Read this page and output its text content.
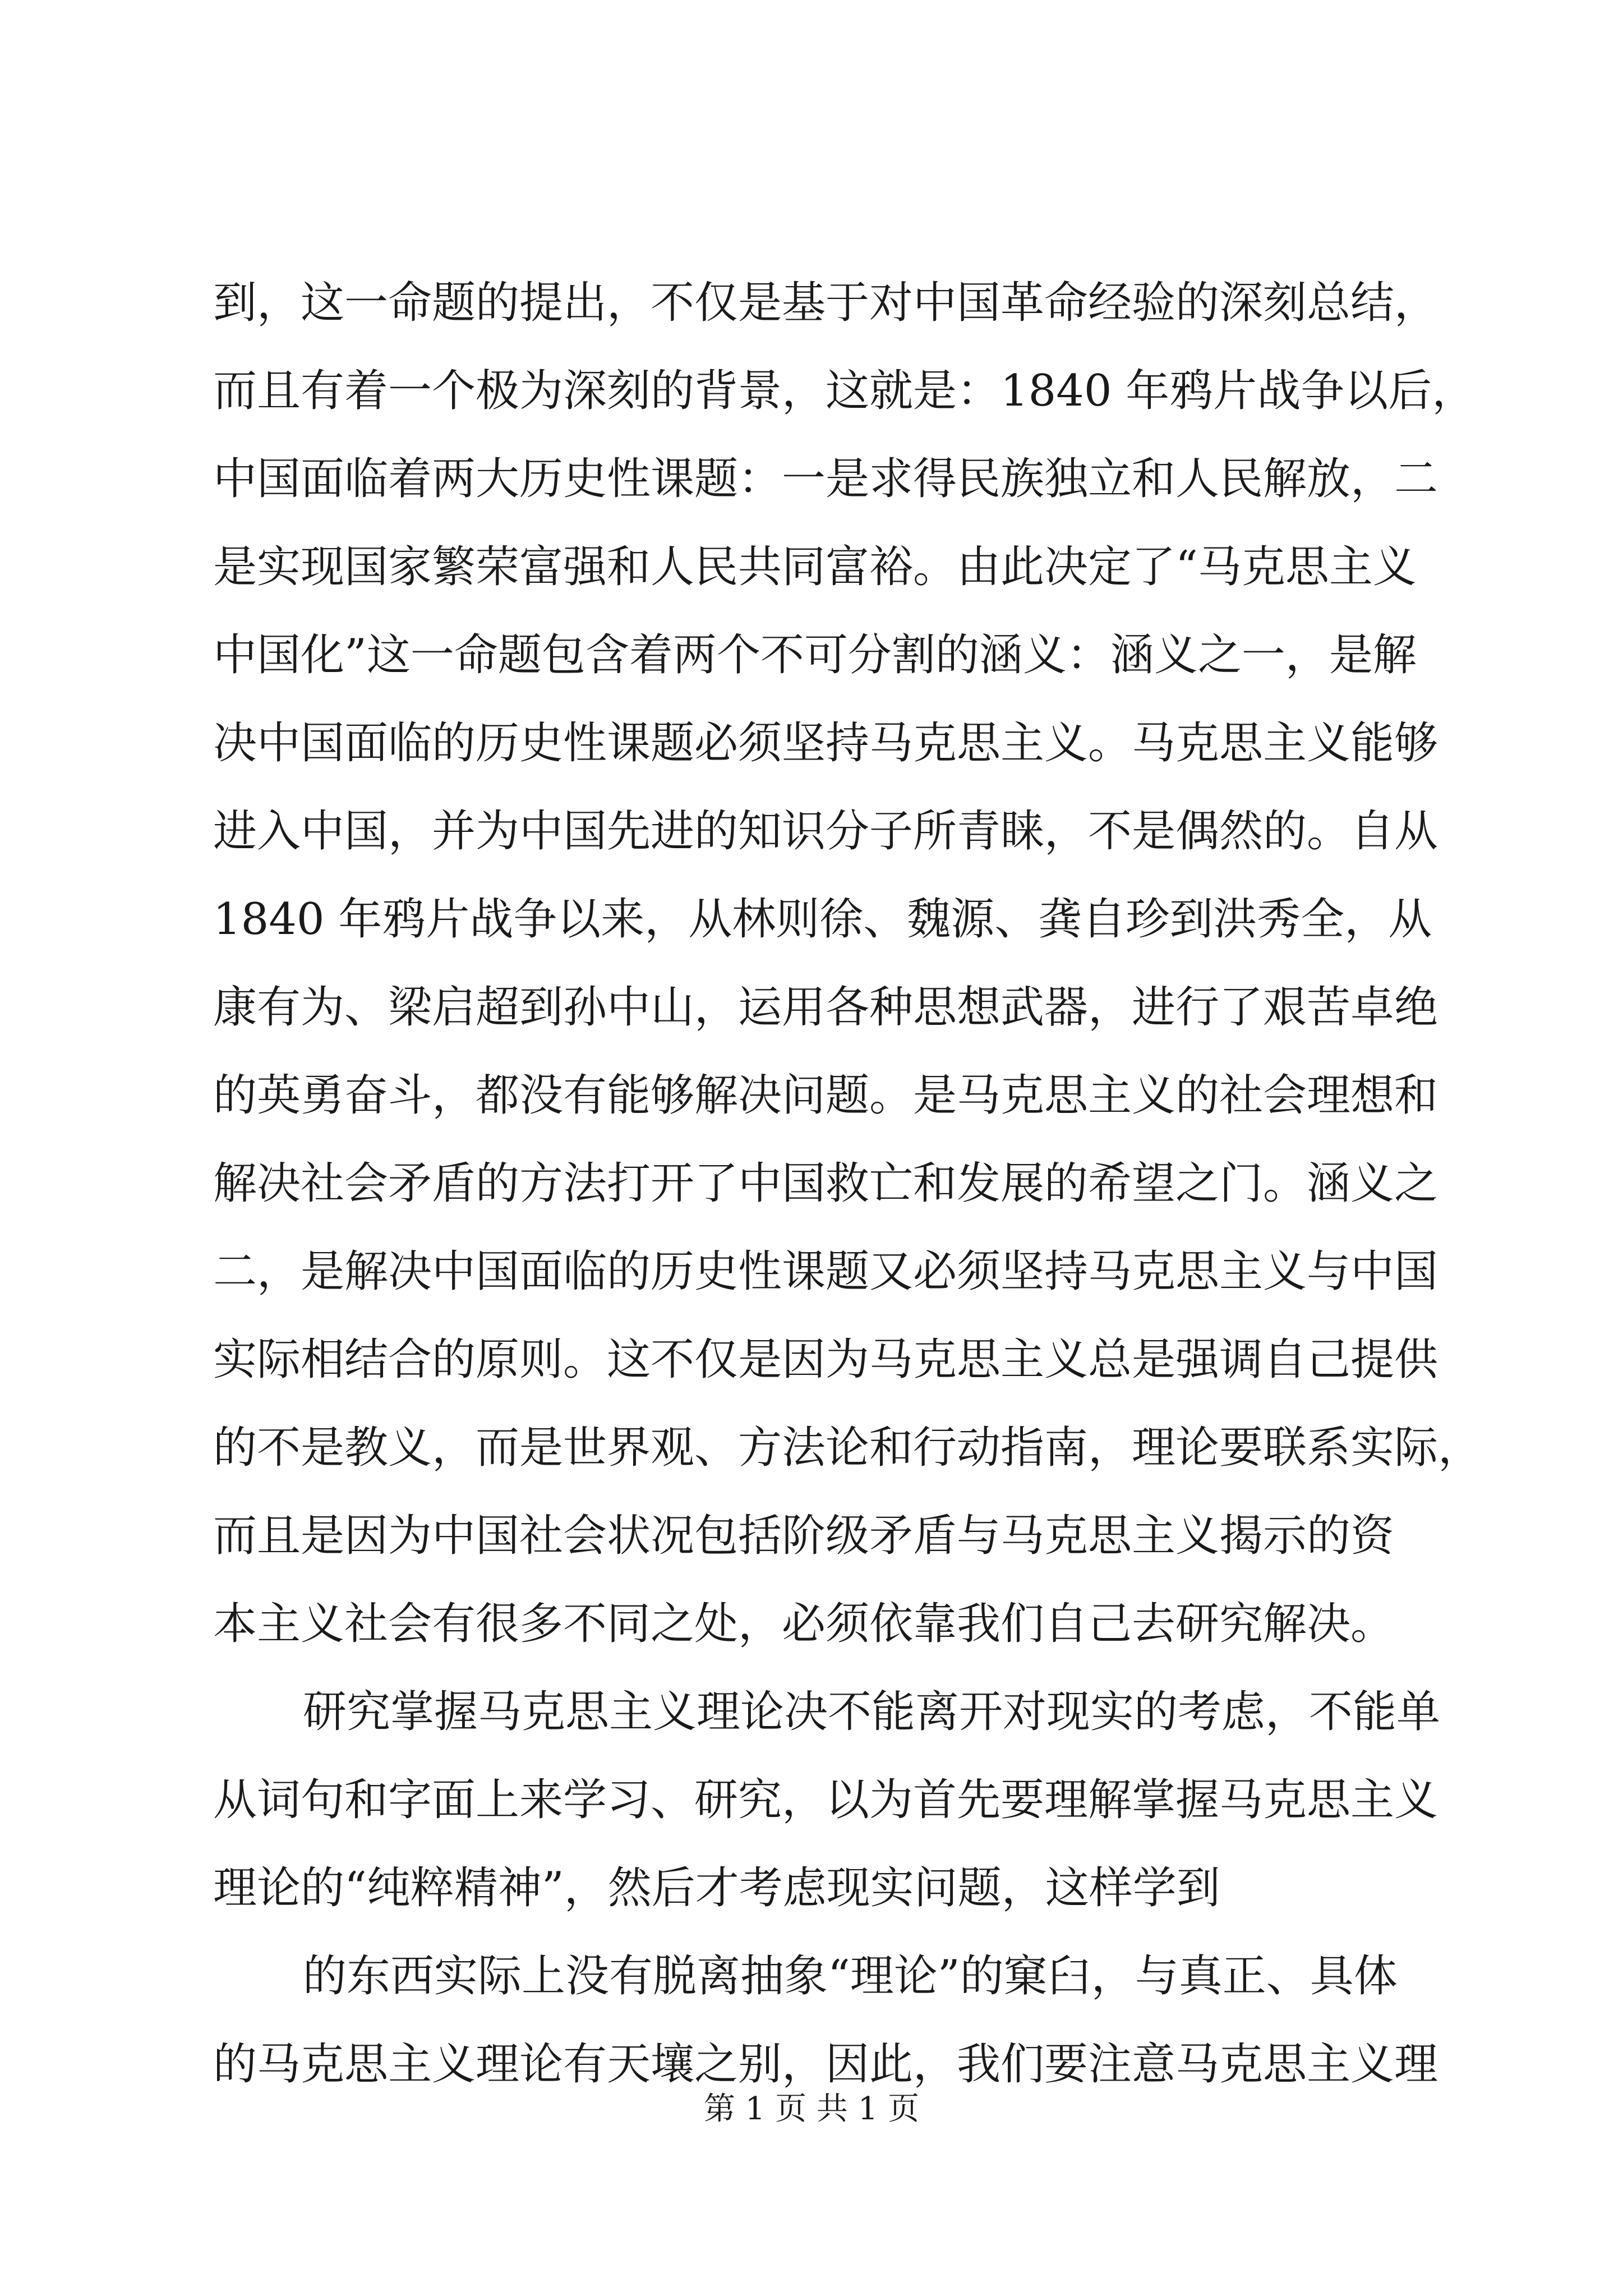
到，这一命题的提出，不仅是基于对中国革命经验的深刻总结，
而且有着一个极为深刻的背景，这就是：1840 年鸦片战争以后，
中国面临着两大历史性课题：一是求得民族独立和人民解放，二
是实现国家繁荣富强和人民共同富裕。由此决定了“马克思主义
中国化”这一命题包含着两个不可分割的涵义：涵义之一，是解
决中国面临的历史性课题必须坚持马克思主义。马克思主义能够
进入中国，并为中国先进的知识分子所青睐，不是偶然的。自从
1840 年鸦片战争以来，从林则徐、魏源、龚自珍到洪秀全，从
康有为、梁启超到孙中山，运用各种思想武器，进行了艰苦卓绝
的英勇奋斗，都没有能够解决问题。是马克思主义的社会理想和
解决社会矛盾的方法打开了中国救亡和发展的希望之门。涵义之
二，是解决中国面临的历史性课题又必须坚持马克思主义与中国
实际相结合的原则。这不仅是因为马克思主义总是强调自己提供
的不是教义，而是世界观、方法论和行动指南，理论要联系实际，
而且是因为中国社会状况包括阶级矛盾与马克思主义揭示的资
本主义社会有很多不同之处，必须依靠我们自己去研究解决。
研究掌握马克思主义理论决不能离开对现实的考虑，不能单
从词句和字面上来学习、研究，以为首先要理解掌握马克思主义
理论的“纯粹精神”，然后才考虑现实问题，这样学到
的东西实际上没有脱离抽象“理论”的窠臼，与真正、具体
的马克思主义理论有天壤之别，因此，我们要注意马克思主义理
第 1 页 共 1 页
